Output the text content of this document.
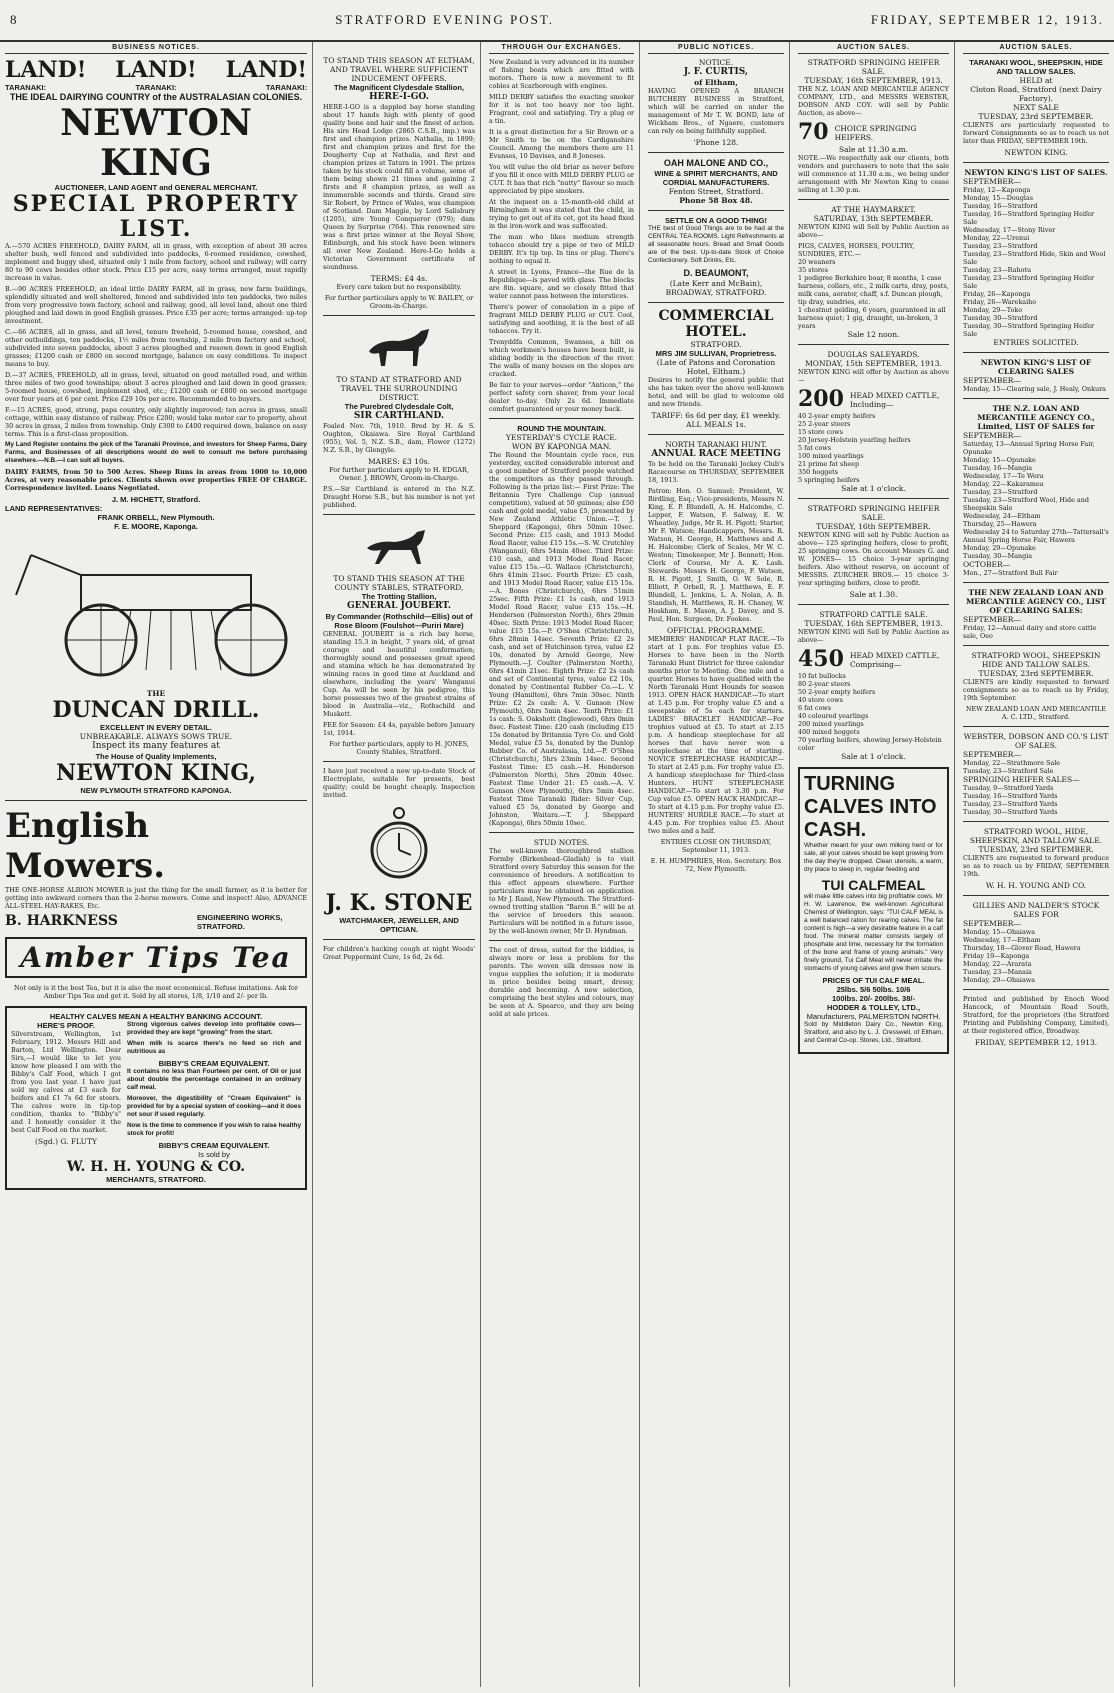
8	STRATFORD EVENING POST.	FRIDAY, SEPTEMBER 12, 1913.
BUSINESS NOTICES.
LAND! LAND! LAND!
TARANAKI:	TARANAKI:	TARANAKI:
THE IDEAL DAIRYING COUNTRY of the AUSTRALASIAN COLONIES.
NEWTON KING
AUCTIONEER, LAND AGENT and GENERAL MERCHANT.
SPECIAL PROPERTY LIST.

A.—570 ACRES FREEHOLD, DAIRY FARM, all in grass, with exception of about 30 acres shelter bush, well fenced and subdivided into paddocks, 6-roomed residence, cowshed, implement and buggy shed, situated only 1 mile from factory, school and railway; will carry 80 to 90 cows besides other stock. Price £15 per acre, easy terms arranged, must rapidly increase in value.

B.—90 ACRES FREEHOLD, an ideal little DAIRY FARM, all in grass, new farm buildings, splendidly situated and well sheltered, fenced and subdivided into ten paddocks, two miles from very progressive town factory, school and railway, good, all level land, about one third ploughed and laid down in good English grasses. Price £35 per acre; terms arranged: up-top investment.

C.—66 ACRES, all in grass, and all level, tenure freehold, 5-roomed house, cowshed, and other outbuildings, ten paddocks, 1½ miles from township, 2 mile from factory and school, subdivided into seven paddocks, about 3 acres ploughed and resown down in good English grasses; £1200 cash or £800 on second mortgage, balance on easy conditions. To inspect means to buy.

D.—37 ACRES, FREEHOLD, all in grass, level, situated on good metalled road, and within three miles of two good townships; about 3 acres ploughed and laid down in good grasses; 5-roomed house, cowshed, implement shed, etc.; £1200 cash or £800 on second mortgage over four years at 6 per cent. Price £29 10s per acre. Recommended to buyers.

F.—15 ACRES, good, strong, papa country, only slightly improved; ten acres in grass, small cottage, within easy distance of railway. Price £200; would take motor car to property, about 30 acres in grass, 2 miles from township. Only £300 to £400 required down, balance on easy terms. This is a first-class proposition.

My Land Register contains the pick of the Taranaki Province, and investors for Sheep Farms, Dairy Farms, and Businesses of all descriptions would do well to consult me before purchasing elsewhere.—N.B.—I can suit all buyers.

DAIRY FARMS, from 50 to 500 Acres. Sheep Runs in areas from 1000 to 10,000 Acres, at very reasonable prices. Clients shown over properties FREE OF CHARGE. Correspondence invited. Loans Negotiated.

J. M. HICHETT, Stratford.
LAND REPRESENTATIVES:
FRANK ORBELL, New Plymouth.
F. E. MOORE, Kaponga.
THE
DUNCAN DRILL.
EXCELLENT IN EVERY DETAIL.
UNBREAKABLE. ALWAYS SOWS TRUE.
Inspect its many features at
The House of Quality Implements,
NEWTON KING,
NEW PLYMOUTH STRATFORD KAPONGA.
English Mowers.

THE ONE-HORSE ALBION MOWER is just the thing for the small farmer, as it is better for getting into awkward corners than the 2-horse mowers. Come and inspect! Also, ADVANCE ALL-STEEL HAY-RAKES, Etc.

B. HARKNESS	ENGINEERING WORKS, STRATFORD.
Amber Tips Tea

Not only is it the best Tea, but it is also the most economical. Refuse imitations. Ask for Amber Tips Tea and get it. Sold by all stores, 1/8, 1/10 and 2/- per lb.

HEALTHY CALVES MEAN A HEALTHY BANKING ACCOUNT.
HERE'S PROOF.

Silverstream, Wellington, 1st February, 1912. Messrs Hill and Barton, Ltd Wellington. Dear Sirs,—I would like to let you know how pleased I am with the Bibby's Calf Food, which I got from you last year. I have just sold my calves at £3 each for heifers and £1 7s 6d for steers. The calves were in tip-top condition, thanks to "Bibby's" and I honestly consider it the best Calf Food on the market.

(Sgd.) G. FLUTY

Strong vigorous calves develop into profitable cows—provided they are kept "growing" from the start.

When milk is scarce there's no feed so rich and nutritious as

BIBBY'S CREAM EQUIVALENT.

It contains no less than Fourteen per cent. of Oil or just about double the percentage contained in an ordinary calf meal.

Moreover, the digestibility of "Cream Equivalent" is provided for by a special system of cooking—and it does not sour if used regularly.

Now is the time to commence if you wish to raise healthy stock for profit!

BIBBY'S CREAM EQUIVALENT.
Is sold by
W. H. H. YOUNG & CO.
MERCHANTS, STRATFORD.
TO STAND THIS SEASON AT ELTHAM, AND TRAVEL WHERE SUFFICIENT INDUCEMENT OFFERS.
The Magnificent Clydesdale Stallion,
HERE-I-GO.

HERE-I-GO is a dappled bay horse standing about 17 hands high with plenty of good quality bone and hair and the finest of action. His sire Head Lodge (2865 C.S.B., imp.) was first and champion prizes. Nathalia, in 1899; first and champion prizes and first for the Dougherty Cup at Nathalia, and first and champion prizes at Tatura in 1901. The prizes taken by his stock could fill a volume, some of them being shown 21 times and gaining 2 firsts and 8 champion prizes, as well as innumerable seconds and thirds. Grand sire Sir Robert, by Prince of Wales, was champion of Scotland. Dam Maggie, by Lord Salisbury (1205), sire Young Conqueror (979); dam Queen by Surprise (764). This renowned sire was a first prize winner at the Royal Show, Edinburgh, and his stock have been winners all over New Zealand. Here-I-Go holds a Victorian Government certificate of soundness.

TERMS: £4 4s.

Every care taken but no responsibility.

For further particulars apply to W. BAILEY, or Groom-in-Charge.

TO STAND AT STRATFORD AND TRAVEL THE SURROUNDING DISTRICT.
The Purebred Clydesdale Colt,
SIR CARTHLAND.

Foaled Nov. 7th, 1910. Bred by H. & S. Oughton, Okaiawa. Sire Royal Carthland (955), Vol. 5, N.Z. S.B., dam, Flower (1272) N.Z. S.B., by Glengyle.

MARES: £3 10s.

For further particulars apply to H. EDGAR, Owner. J. BROWN, Groom-in-Charge.

P.S.—Sir Carthland is entered in the N.Z. Draught Horse S.B., but his number is not yet published.

TO STAND THIS SEASON AT THE COUNTY STABLES, STRATFORD,
The Trotting Stallion,
GENERAL JOUBERT.
By Commander (Rothschild—Ellis) out of Rose Bloom (Foulshot—Puriri Mare)

GENERAL JOUBERT is a rich bay horse, standing 15.3 in height, 7 years old, of great courage and beautiful conformation; thoroughly sound and possesses great speed and stamina which he has demonstrated by winning races in good time at Auckland and elsewhere, including the years' Wanganui Cup. As will be seen by his pedigree, this horse possesses two of the greatest strains of blood in Australia—viz., Rothschild and Muskett.

FEE for Season: £4 4s, payable before January 1st, 1914.

For further particulars, apply to H. JONES, County Stables, Stratford.

I have just received a new up-to-date Stock of Electroplate, suitable for presents, best quality; could be bought cheaply. Inspection invited.

J. K. STONE
WATCHMAKER, JEWELLER, AND OPTICIAN.

For children's hacking cough at night Woods' Great Peppermint Cure, 1s 6d, 2s 6d.

THROUGH Our EXCHANGES.

New Zealand is very advanced in its number of fishing boats which are fitted with motors. There is now a movement to fit cobles at Scarborough with engines.

MILD DERBY satisfies the exacting smoker for it is not too heavy nor too light. Fragrant, cool and satisfying. Try a plug or a tin.

It is a great distinction for a Sir Brown or a Mr Smith to be on the Cardiganshire Council. Among the members there are 11 Evanses, 10 Davises, and 8 Joneses.

You will value the old briar as never before if you fill it once with MILD DERBY PLUG or CUT. It has that rich "nutty" flavour so much appreciated by pipe smokers.

At the inquest on a 15-month-old child at Birmingham it was stated that the child, in trying to get out of its cot, got its head fixed in the iron-work and was suffocated.

The man who likes medium strength tobacco should try a pipe or two of MILD DERBY. It's tip top. In tins or plug. There's nothing to equal it.

A street in Lyons, France—the Rue de la Republique—is paved with glass. The blocks are 8in. square, and so closely fitted that water cannot pass between the interstices.

There's power of consolation in a pipe of fragrant MILD DERBY PLUG or CUT. Cool, satisfying and soothing, it is the best of all tobaccos. Try it.

Trenyddfa Common, Swansea, a hill on which workmen's houses have been built, is sliding bodily in the direction of the river. The walls of many houses on the slopes are cracked.

Be fair to your nerves—order "Anticon," the perfect safety corn shaver, from your local dealer to-day. Only 2s 6d. Immediate comfort guaranteed or your money back.

ROUND THE MOUNTAIN.
YESTERDAY'S CYCLE RACE.
WON BY KAPONGA MAN.

The Round the Mountain cycle race, run yesterday, excited considerable interest and a good number of Stratford people watched the competitors as they passed through. Following is the prize list:— First Prize: The Britannia Tyre Challenge Cup (annual competition), valued at 50 guineas; also £50 cash and gold medal, value £5, presented by New Zealand Athletic Union.—T. J. Sheppard (Kaponga), 6hrs 50min 10sec. Second Prize: £15 cash, and 1913 Model Road Racer, value £15 15s.—S. W. Crutchley (Wanganui), 6hrs 54min 40sec. Third Prize: £10 cash, and 1913 Model Road Racer, value £15 15s.—G. Wallace (Christchurch), 6hrs 41min 21sec. Fourth Prize: £5 cash, and 1913 Model Road Racer, value £15 15s.—A. Bones (Christchurch), 6hrs 51min 25sec. Fifth Prize: £1 1s cash, and 1913 Model Road Racer, value £15 15s.—H. Henderson (Palmerston North), 6hrs 29min 40sec. Sixth Prize: 1913 Model Road Racer, value £15 15s.—P. O'Shea (Christchurch), 6hrs 28min 14sec. Seventh Prize: £2 2s cash, and set of Hutchinson tyres, value £2 10s, donated by Arnold George, New Plymouth.—J. Coulter (Palmerston North), 6hrs 41min 21sec. Eighth Prize: £2 2s cash and set of Continental tyres, value £2 10s, donated by Continental Rubber Co.—L. V. Young (Hamilton), 6hrs 7min 30sec. Ninth Prize: £2 2s cash: A. V. Gunson (New Plymouth), 6hrs 5min 4sec. Tenth Prize: £1 1s cash: S. Oakshott (Inglewood), 6hrs 0min 8sec. Fastest Time: £20 cash (including £15 15s donated by Britannia Tyre Co. and Gold Medal, value £5 5s, donated by the Dunlop Rubber Co. of Australasia, Ltd.—P. O'Shea (Christchurch), 5hrs 23min 14sec. Second Fastest Time: £5 cash.—H. Henderson (Palmerston North), 5hrs 20min 40sec. Fastest Time Under 21: £5 cash.—A. V. Gunson (New Plymouth), 6hrs 5min 4sec. Fastest Time Taranaki Rider: Silver Cup, valued £5 5s, donated by George and Johnston, Waitara.—T. J. Sheppard (Kaponga), 6hrs 50min 10sec.

STUD NOTES.

The well-known thoroughbred stallion Formby (Birkenhead–Gladish) is to visit Stratford every Saturday this season for the convenience of breeders. A notification to this effect appears elsewhere. Further particulars may be obtained on application to Mr J. Rand, New Plymouth. The Stratford-owned trotting stallion "Baron B." will be at the service of breeders this season. Particulars will be notified in a future issue, by the well-known owner, Mr D. Hyndman.

The cost of dress, suited for the kiddies, is always more or less a problem for the parents. The woven silk dresses now in vogue supplies the solution; it is moderate in price besides being smart, dressy, durable and becoming. A new selection, comprising the best styles and colours, may be seen at A. Spearco, and they are being sold at sale prices.

PUBLIC NOTICES.
NOTICE.
J. F. CURTIS,
of Eltham,

HAVING OPENED A BRANCH BUTCHERY BUSINESS in Stratford, which will be carried on under the management of Mr T. W. BOND, late of Wickham Bros., of Ngaere, customers can rely on being faithfully supplied.

'Phone 128.
OAH MALONE AND CO.,
WINE & SPIRIT MERCHANTS, AND CORDIAL MANUFACTURERS.
Fenton Street, Stratford.
Phone 58 Box 48.
SETTLE ON A GOOD THING!

THE best of Good Things are to be had at the CENTRAL TEA ROOMS. Light Refreshments at all seasonable hours. Bread and Small Goods are of the best. Up-to-date Stock of Choice Confectionery. Soft Drinks, Etc.

D. BEAUMONT,
(Late Kerr and McBain), BROADWAY, STRATFORD.
COMMERCIAL HOTEL.
STRATFORD.
MRS JIM SULLIVAN, Proprietress.
(Late of Patons and Coronation Hotel, Eltham.)

Desires to notify the general public that she has taken over the above well-known hotel, and will be glad to welcome old and new friends.

TARIFF: 6s 6d per day, £1 weekly. ALL MEALS 1s.
NORTH TARANAKI HUNT.
ANNUAL RACE MEETING

To be held on the Taranaki Jockey Club's Racecourse on THURSDAY, SEPTEMBER 18, 1913.

Patron: Hon. O. Samuel; President, W. Birdling, Esq.; Vice-presidents, Messrs N. King, E. P. Blundell, A. H. Halcombe, C. Lepper, F. Watson, F. Salway, E. W. Wheatley. Judge, Mr R. H. Pigott; Starter, Mr F. Watson; Handicappers, Messrs. R. Watson, H. George, H. Matthews and A. H. Halcombe; Clerk of Scales, Mr W. C. Weston; Timekeeper, Mr J. Bennett; Hon. Clerk of Course, Mr A. K. Lash. Stewards: Messrs H. George, F. Watson, R. H. Pigott, J. Smith, O. W. Sole, R. Elliott, P. Orbell, R. J. Matthews, E. F. Blundell, L. Jenkins, L. A. Nolan, A. B. Standish, H. Matthews, R. H. Chaney, W. Hoskham, E. Mason, A. J. Davey, and S. Paul, Hon. Surgeon, Dr. Fookes.

OFFICIAL PROGRAMME.

MEMBERS' HANDICAP FLAT RACE.—To start at 1 p.m. For trophies value £5. Horses to have been in the North Taranaki Hunt District for three calendar months prior to Meeting. One mile and a quarter. Horses to have qualified with the North Taranaki Hunt Hounds for season 1913. OPEN HACK HANDICAP.—To start at 1.45 p.m. For trophy value £5 and a sweepstake of 5s each for starters. LADIES' BRACELET HANDICAP.—For trophies valued at £5. To start at 2.15 p.m. A handicap steeplechase for all horses that have never won a steeplechase at the time of starting. NOVICE STEEPLECHASE HANDICAP.—To start at 2.45 p.m. For trophy value £5. A handicap steeplechase for Third-class Hunters. HUNT STEEPLECHASE HANDICAP.—To start at 3.30 p.m. For Cup value £5. OPEN HACK HANDICAP.—To start at 4.15 p.m. For trophy value £5. HUNTERS' HURDLE RACE.—To start at 4.45 p.m. For trophies value £5. About two miles and a half.

ENTRIES CLOSE ON THURSDAY, September 11, 1913.

E. H. HUMPHRIES, Hon. Secretary. Box 72, New Plymouth.

AUCTION SALES.
STRATFORD SPRINGING HEIFER SALE.
TUESDAY, 16th SEPTEMBER, 1913.

THE N.Z. LOAN AND MERCANTILE AGENCY COMPANY, LTD., and MESSRS WEBSTER, DOBSON AND COY. will sell by Public Auction, as above—

70 CHOICE SPRINGING HEIFERS.
Sale at 11.30 a.m.

NOTE.—We respectfully ask our clients, both vendors and purchasers to note that the sale will commence at 11.30 a.m., we being under arrangement with Mr Newton King to cease selling at 1.30 p.m.

AT THE HAYMARKET.
SATURDAY, 13th SEPTEMBER.

NEWTON KING will Sell by Public Auction as above—

PIGS, CALVES, HORSES, POULTRY, SUNDRIES, ETC.—
20 weaners
35 stores
1 pedigree Berkshire boar, 8 months, 1 case harness, collars, etc., 2 milk carts, dray, posts, milk cans, aerator, chaff, s.f. Duncan plough, tip dray, sundries, etc.
1 chestnut gelding, 6 years, guaranteed in all harness quiet; 1 gig, draught, un-broken, 3 years
Sale 12 noon.
DOUGLAS SALEYARDS.
MONDAY, 15th SEPTEMBER, 1913.

NEWTON KING will offer by Auction as above—

200 HEAD MIXED CATTLE, Including—
40 2-year empty heifers
25 2-year steers
15 store cows
20 Jersey-Holstein yearling heifers
5 fat cows
100 mixed yearlings
21 prime fat sheep
350 hoggets
5 springing heifers
Sale at 1 o'clock.
STRATFORD SPRINGING HEIFER SALE.
TUESDAY, 16th SEPTEMBER.

NEWTON KING will sell by Public Auction as above— 125 springing heifers, close to profit, 25 springing cows. On account Messrs G. and W. JONES— 15 choice 3-year springing heifers. Also without reserve, on account of MESSRS. ZURCHER BROS.— 15 choice 3-year springing heifers, close to profit.

Sale at 1.30.
STRATFORD CATTLE SALE.
TUESDAY, 16th SEPTEMBER, 1913.

NEWTON KING will Sell by Public Auction as above—

450 HEAD MIXED CATTLE, Comprising—
10 fat bullocks
80 2-year steers
50 2-year empty heifers
40 store cows
6 fat cows
40 coloured yearlings
200 mixed yearlings
400 mixed hoggets
70 yearling heifers, showing Jersey-Holstein color
Sale at 1 o'clock.
TURNING CALVES INTO CASH.

Whether meant for your own milking herd or for sale, all your calves should be kept growing from the day they're dropped. Clean utensils, a warm, dry place to sleep in, regular feeding and

TUI CALFMEAL

will make little calves into big profitable cows. Mr H. W. Lawrence, the well-known Agricultural Chemist of Wellington, says: "TUI CALF MEAL is a well balanced ration for rearing calves. The fat content is high—a very desirable feature in a calf food. The mineral matter consists largely of phosphate and lime, necessary for the formation of the bone and frame of young animals." Very finely ground, Tui Calf Meal will never irritate the stomachs of young calves and give them scours.

PRICES OF TUI CALF MEAL.
25lbs. 5/6 50lbs. 10/6
100lbs. 20/- 200lbs. 38/-
HODDER & TOLLEY, LTD.,
Manufacturers, PALMERSTON NORTH.

Sold by Middleton Dairy Co., Newton King, Stratford, and also by L. J. Cresswell, of Eltham, and Central Co-op. Stores, Ltd., Stratford.

AUCTION SALES.
TARANAKI WOOL, SHEEPSKIN, HIDE AND TALLOW SALES.
HELD at
Cloton Road, Stratford (next Dairy Factory).
NEXT SALE
TUESDAY, 23rd SEPTEMBER.

CLIENTS are particularly requested to forward Consignments so as to reach us not later than FRIDAY, SEPTEMBER 19th.

NEWTON KING.
NEWTON KING'S LIST OF SALES.
SEPTEMBER—
Friday, 12—Kaponga
Monday, 15—Douglas
Tuesday, 16—Stratford
Tuesday, 16—Stratford Springing Heifer Sale
Wednesday, 17—Stony River
Monday, 22—Urenui
Tuesday, 23—Stratford
Tuesday, 23—Stratford Hide, Skin and Wool Sale
Tuesday, 23—Rahotu
Tuesday, 23—Stratford Springing Heifer Sale
Friday, 26—Kaponga
Friday, 26—Warekaiho
Monday, 29—Toko
Tuesday, 30—Stratford
Tuesday, 30—Stratford Springing Heifer Sale
ENTRIES SOLICITED.
NEWTON KING'S LIST OF CLEARING SALES
SEPTEMBER—
Monday, 15—Clearing sale, J. Healy, Onkura
THE N.Z. LOAN AND MERCANTILE AGENCY CO., Limited, LIST OF SALES for
SEPTEMBER—
Saturday, 13—Annual Spring Horse Fair, Opunake
Monday, 15—Opunake
Tuesday, 16—Mangia
Wednesday, 17—Te Wera
Monday, 22—Kakaramea
Tuesday, 23—Stratford
Tuesday, 23—Stratford Wool, Hide and Sheepskin Sale
Wednesday, 24—Eltham
Thursday, 25—Hawera
Wednesday 24 to Saturday 27th—Tattersall's Annual Spring Horse Fair, Hawera
Monday, 29—Opunake
Tuesday, 30—Mangia
OCTOBER—
Mon., 27—Stratford Bull Fair
THE NEW ZEALAND LOAN AND MERCANTILE AGENCY CO., LIST OF CLEARING SALES:
SEPTEMBER—
Friday, 12—Annual dairy and store cattle sale, Oeo
STRATFORD WOOL, SHEEPSKIN HIDE AND TALLOW SALES.
TUESDAY, 23rd SEPTEMBER.

CLIENTS are kindly requested to forward consignments so as to reach us by Friday, 19th September.

NEW ZEALAND LOAN AND MERCANTILE A. C. LTD., Stratford.

WEBSTER, DOBSON AND CO.'S LIST OF SALES.
SEPTEMBER—
Monday, 22—Strathmore Sale
Tuesday, 23—Stratford Sale
SPRINGING HEIFER SALES—
Tuesday, 9—Stratford Yards
Tuesday, 16—Stratford Yards
Tuesday, 23—Stratford Yards
Tuesday, 30—Stratford Yards
STRATFORD WOOL, HIDE, SHEEPSKIN, AND TALLOW SALE.
TUESDAY, 23rd SEPTEMBER.

CLIENTS are requested to forward produce so as to reach us by FRIDAY, SEPTEMBER 19th.

W. H. H. YOUNG AND CO.
GILLIES AND NALDER'S STOCK SALES FOR
SEPTEMBER—
Monday, 15—Ohaiawa
Wednesday, 17—Eltham
Thursday, 18—Glover Road, Hawera
Friday 19—Kaponga
Monday, 22—Ararata
Tuesday, 23—Manaia
Monday, 29—Ohaiawa

Printed and published by Enoch Wood Hancock, of Mountain Road South, Stratford, for the proprietors (the Stratford Printing and Publishing Company, Limited), at their registered office, Broadway.

FRIDAY, SEPTEMBER 12, 1913.
